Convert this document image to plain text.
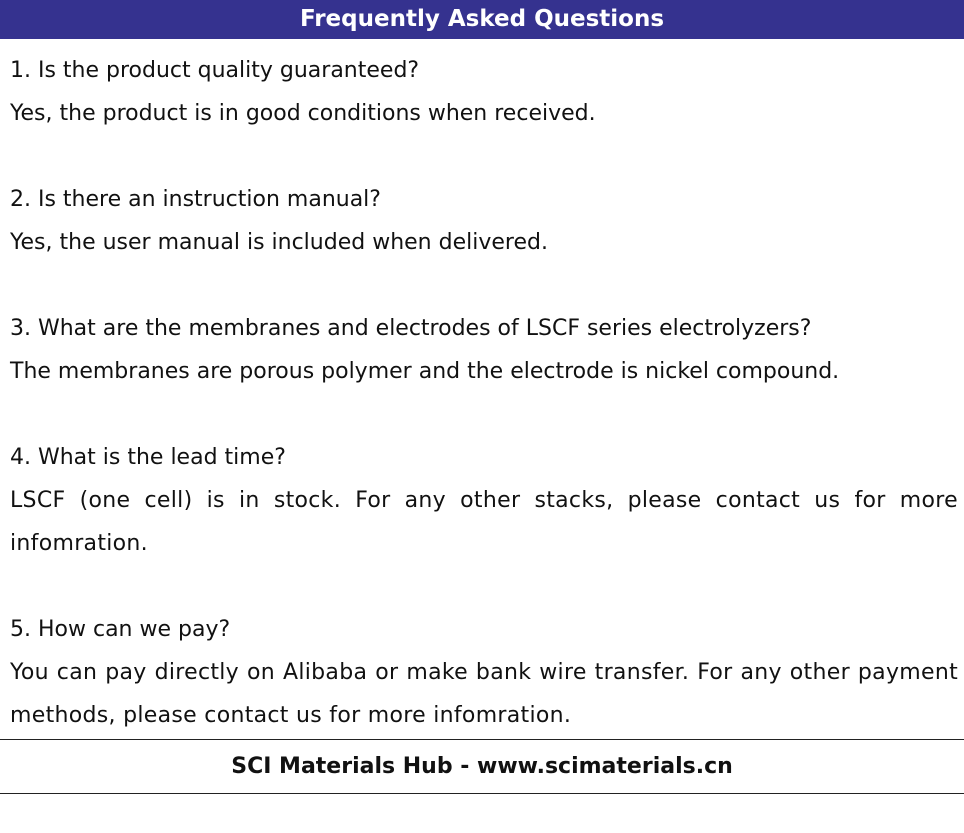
Frequently Asked Questions
1. Is the product quality guaranteed?
Yes, the product is in good conditions when received.
2. Is there an instruction manual?
Yes, the user manual is included when delivered.
3. What are the membranes and electrodes of LSCF series electrolyzers?
The membranes are porous polymer and the electrode is nickel compound.
4. What is the lead time?
LSCF (one cell) is in stock. For any other stacks, please contact us for more infomration.
5. How can we pay?
You can pay directly on Alibaba or make bank wire transfer. For any other payment methods, please contact us for more infomration.
SCI Materials Hub - www.scimaterials.cn
